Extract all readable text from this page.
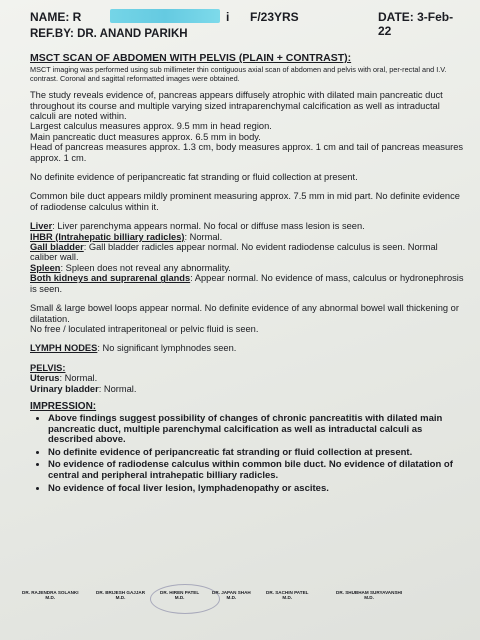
NAME: R	i F/23YRS	DATE: 3-Feb-22
REF.BY: DR. ANAND PARIKH
MSCT SCAN OF ABDOMEN WITH PELVIS (PLAIN + CONTRAST):
MSCT imaging was performed using sub millimeter thin contiguous axial scan of abdomen and pelvis with oral, per-rectal and I.V. contrast. Coronal and sagittal reformatted images were obtained.

The study reveals evidence of, pancreas appears diffusely atrophic with dilated main pancreatic duct throughout its course and multiple varying sized intraparenchymal calcification as well as intraductal calculi are noted within.

Largest calculus measures approx. 9.5 mm in head region.

Main pancreatic duct measures approx. 6.5 mm in body.

Head of pancreas measures approx. 1.3 cm, body measures approx. 1 cm and tail of pancreas measures approx. 1 cm.

No definite evidence of peripancreatic fat stranding or fluid collection at present.

Common bile duct appears mildly prominent measuring approx. 7.5 mm in mid part. No definite evidence of radiodense calculus within it.

Liver: Liver parenchyma appears normal. No focal or diffuse mass lesion is seen.

IHBR (Intrahepatic billiary radicles): Normal.

Gall bladder: Gall bladder radicles appear normal. No evident radiodense calculus is seen. Normal caliber wall.

Spleen: Spleen does not reveal any abnormality.

Both kidneys and suprarenal glands: Appear normal. No evidence of mass, calculus or hydronephrosis is seen.

Small & large bowel loops appear normal. No definite evidence of any abnormal bowel wall thickening or dilatation.

No free / loculated intraperitoneal or pelvic fluid is seen.

LYMPH NODES: No significant lymphnodes seen.

PELVIS:

Uterus: Normal.

Urinary bladder: Normal.

IMPRESSION:
• Above findings suggest possibility of changes of chronic pancreatitis with dilated main pancreatic duct, multiple parenchymal calcification as well as intraductal calculi as described above.
• No definite evidence of peripancreatic fat stranding or fluid collection at present.
• No evidence of radiodense calculus within common bile duct. No evidence of dilatation of central and peripheral intrahepatic billiary radicles.
• No evidence of focal liver lesion, lymphadenopathy or ascites.
DR. RAJENDRA SOLANKI
M.D.
DR. BRIJESH GAJJAR
M.D.
DR. HIREN PATEL
M.D.
DR. JAPAN SHAH
M.D.
DR. SACHIN PATEL
M.D.
DR. SHUBHAM SURYAVANSHI
M.D.
